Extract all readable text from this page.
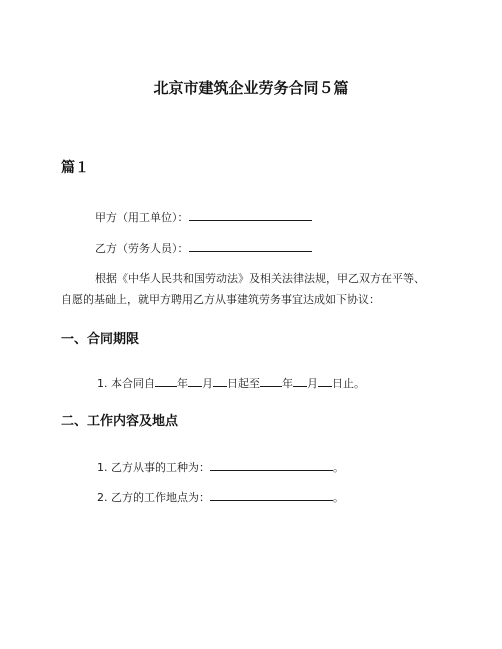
北京市建筑企业劳务合同５篇
篇１
甲方（用工单位）：
乙方（劳务人员）：
根据《中华人民共和国劳动法》及相关法律法规，甲乙双方在平等、
自愿的基础上，就甲方聘用乙方从事建筑劳务事宜达成如下协议：
一、合同期限
1. 本合同自 年 月 日起至 年 月 日止。
二、工作内容及地点
1. 乙方从事的工种为：	。
2. 乙方的工作地点为：	。
